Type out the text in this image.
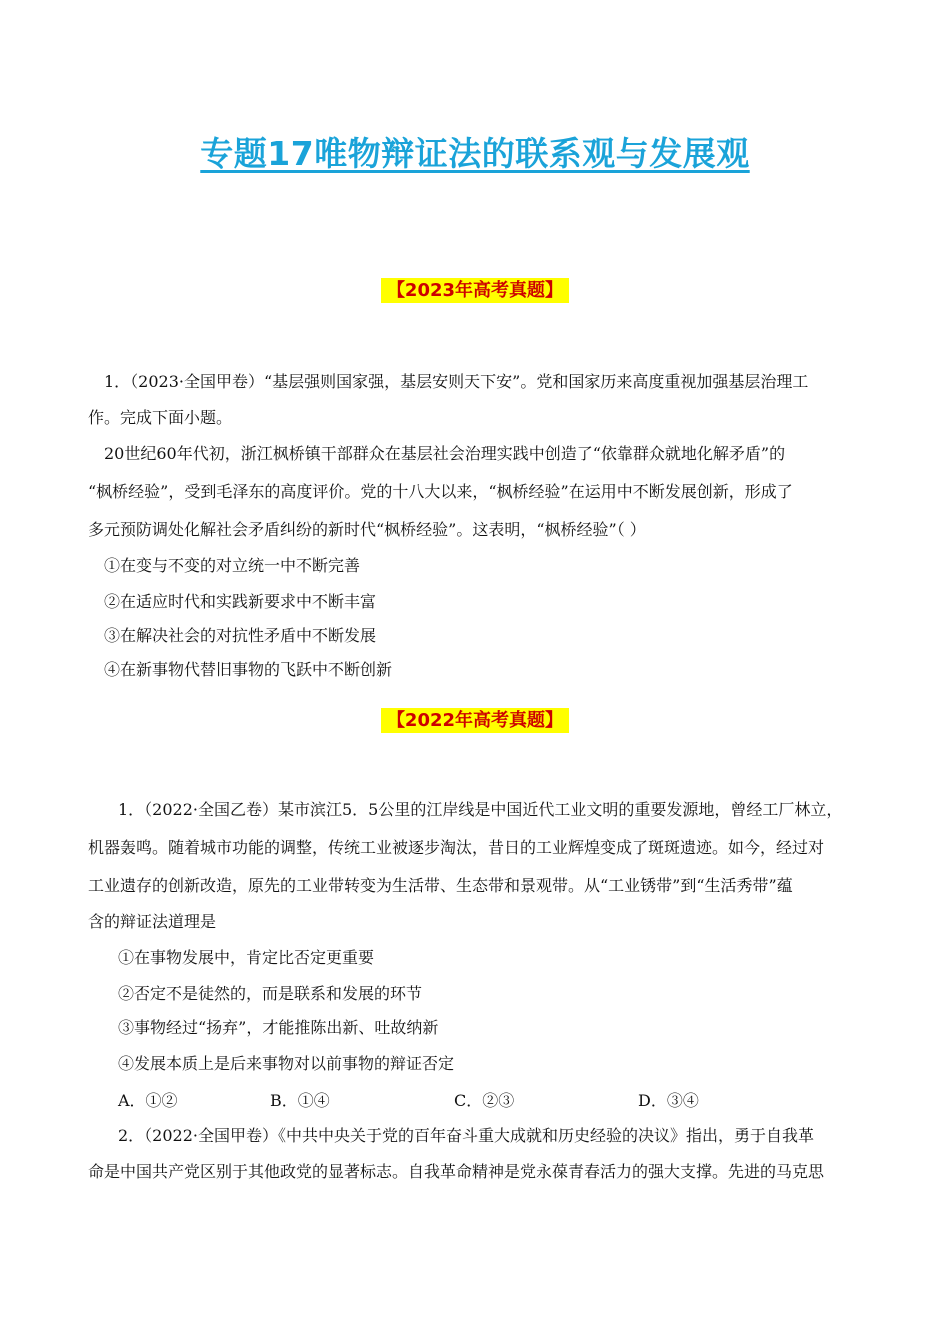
专题17唯物辩证法的联系观与发展观
【2023年高考真题】
1．（2023·全国甲卷）“基层强则国家强，基层安则天下安”。党和国家历来高度重视加强基层治理工
作。完成下面小题。
20世纪60年代初，浙江枫桥镇干部群众在基层社会治理实践中创造了“依靠群众就地化解矛盾”的
“枫桥经验”，受到毛泽东的高度评价。党的十八大以来，“枫桥经验”在运用中不断发展创新，形成了
多元预防调处化解社会矛盾纠纷的新时代“枫桥经验”。这表明，“枫桥经验”（ ）
①在变与不变的对立统一中不断完善
②在适应时代和实践新要求中不断丰富
③在解决社会的对抗性矛盾中不断发展
④在新事物代替旧事物的飞跃中不断创新
【2022年高考真题】
1．（2022·全国乙卷）某市滨江5．5公里的江岸线是中国近代工业文明的重要发源地，曾经工厂林立，
机器轰鸣。随着城市功能的调整，传统工业被逐步淘汰，昔日的工业辉煌变成了斑斑遗迹。如今，经过对
工业遗存的创新改造，原先的工业带转变为生活带、生态带和景观带。从“工业锈带”到“生活秀带”蕴
含的辩证法道理是
①在事物发展中，肯定比否定更重要
②否定不是徒然的，而是联系和发展的环节
③事物经过“扬弃”，才能推陈出新、吐故纳新
④发展本质上是后来事物对以前事物的辩证否定
A．①②	B．①④	C．②③	D．③④
2．（2022·全国甲卷）《中共中央关于党的百年奋斗重大成就和历史经验的决议》指出，勇于自我革
命是中国共产党区别于其他政党的显著标志。自我革命精神是党永葆青春活力的强大支撑。先进的马克思
